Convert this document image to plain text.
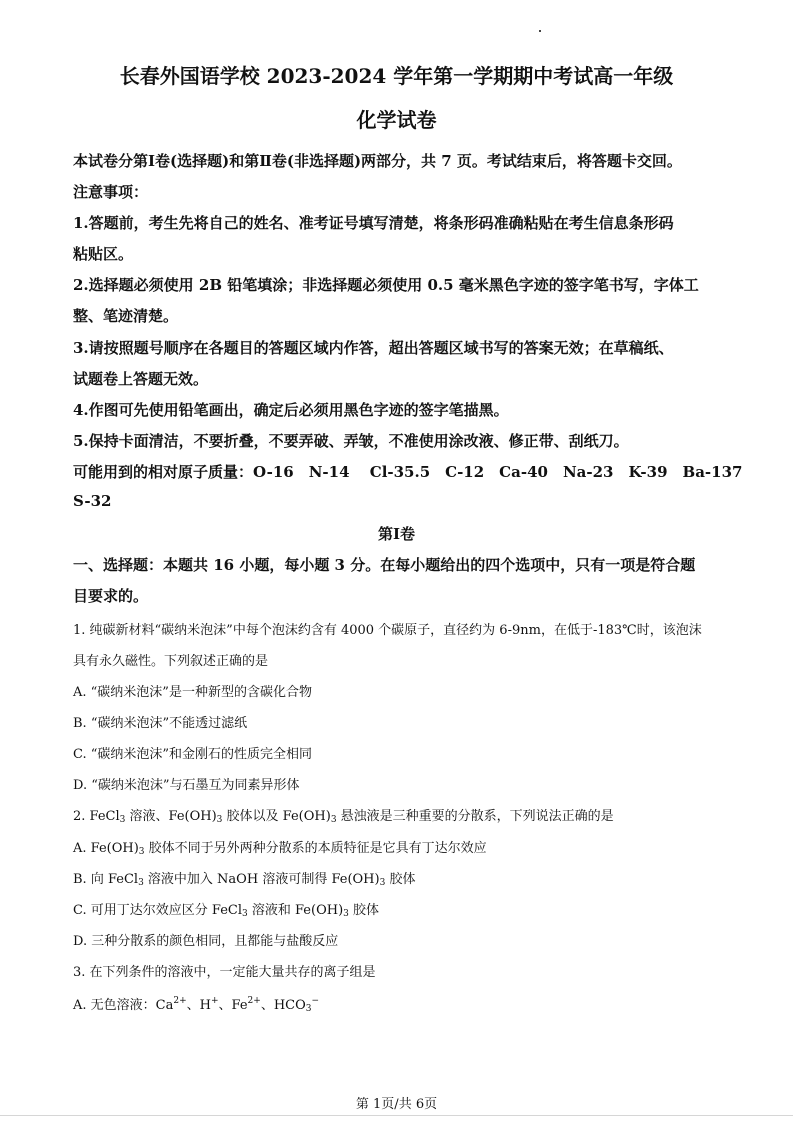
长春外国语学校 2023-2024 学年第一学期期中考试高一年级
化学试卷
本试卷分第Ⅰ卷(选择题)和第Ⅱ卷(非选择题)两部分，共 7 页。考试结束后，将答题卡交回。
注意事项：
1.答题前，考生先将自己的姓名、准考证号填写清楚，将条形码准确粘贴在考生信息条形码
粘贴区。
2.选择题必须使用 2B 铅笔填涂；非选择题必须使用 0.5 毫米黑色字迹的签字笔书写，字体工
整、笔迹清楚。
3.请按照题号顺序在各题目的答题区域内作答，超出答题区域书写的答案无效；在草稿纸、
试题卷上答题无效。
4.作图可先使用铅笔画出，确定后必须用黑色字迹的签字笔描黑。
5.保持卡面清洁，不要折叠，不要弄破、弄皱，不准使用涂改液、修正带、刮纸刀。
可能用到的相对原子质量：O-16　N-14　 Cl-35.5　C-12　Ca-40　Na-23　K-39　Ba-137
S-32
第Ⅰ卷
一、选择题：本题共 16 小题，每小题 3 分。在每小题给出的四个选项中，只有一项是符合题
目要求的。
1. 纯碳新材料“碳纳米泡沫”中每个泡沫约含有 4000 个碳原子，直径约为 6-9nm，在低于-183℃时，该泡沫
具有永久磁性。下列叙述正确的是
A. “碳纳米泡沫”是一种新型的含碳化合物
B. “碳纳米泡沫”不能透过滤纸
C. “碳纳米泡沫”和金刚石的性质完全相同
D. “碳纳米泡沫”与石墨互为同素异形体
2. FeCl$_3$ 溶液、$Fe(OH)_3$ 胶体以及 $Fe(OH)_3$ 悬浊液是三种重要的分散系，下列说法正确的是
A. $Fe(OH)_3$ 胶体不同于另外两种分散系的本质特征是它具有丁达尔效应
B. 向 FeCl$_3$ 溶液中加入 NaOH 溶液可制得 $Fe(OH)_3$ 胶体
C. 可用丁达尔效应区分 FeCl$_3$ 溶液和 $Fe(OH)_3$ 胶体
D. 三种分散系的颜色相同，且都能与盐酸反应
3. 在下列条件的溶液中，一定能大量共存的离子组是
A. 无色溶液：$Ca^{2+}$、H+、$Fe^{2+}$、$HCO_3^-$
第 1页/共 6页
